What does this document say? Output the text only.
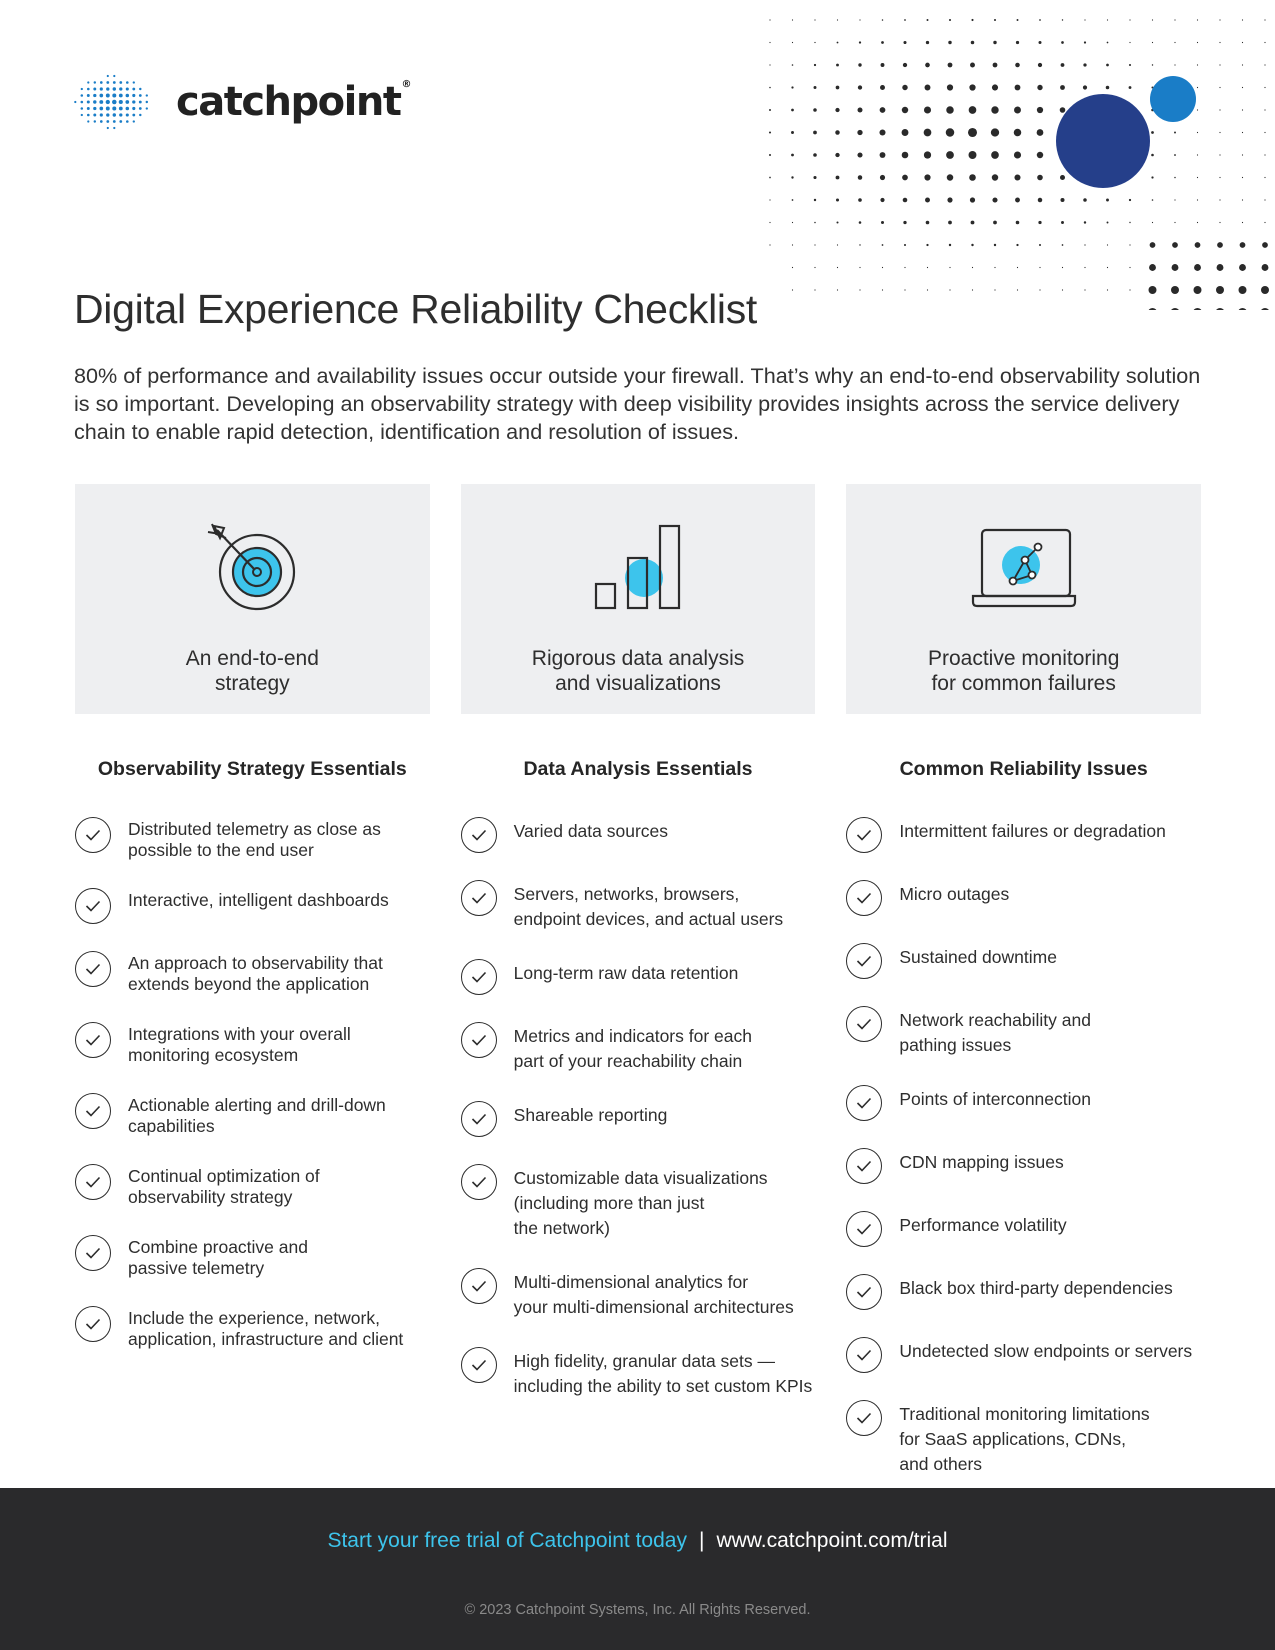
catchpoint®
Digital Experience Reliability Checklist

80% of performance and availability issues occur outside your firewall. That’s why an end-to-end observability solution is so important. Developing an observability strategy with deep visibility provides insights across the service delivery chain to enable rapid detection, identification and resolution of issues.

An end-to-end
strategy
Rigorous data analysis
and visualizations
Proactive monitoring
for common failures
Observability Strategy Essentials
Distributed telemetry as close as
possible to the end user
Interactive, intelligent dashboards
An approach to observability that
extends beyond the application
Integrations with your overall
monitoring ecosystem
Actionable alerting and drill-down
capabilities
Continual optimization of
observability strategy
Combine proactive and
passive telemetry
Include the experience, network,
application, infrastructure and client
Data Analysis Essentials
Varied data sources
Servers, networks, browsers,
endpoint devices, and actual users
Long-term raw data retention
Metrics and indicators for each
part of your reachability chain
Shareable reporting
Customizable data visualizations
(including more than just
the network)
Multi-dimensional analytics for
your multi-dimensional architectures
High fidelity, granular data sets —
including the ability to set custom KPIs
Common Reliability Issues
Intermittent failures or degradation
Micro outages
Sustained downtime
Network reachability and
pathing issues
Points of interconnection
CDN mapping issues
Performance volatility
Black box third-party dependencies
Undetected slow endpoints or servers
Traditional monitoring limitations
for SaaS applications, CDNs,
and others
Start your free trial of Catchpoint today | www.catchpoint.com/trial
© 2023 Catchpoint Systems, Inc. All Rights Reserved.
